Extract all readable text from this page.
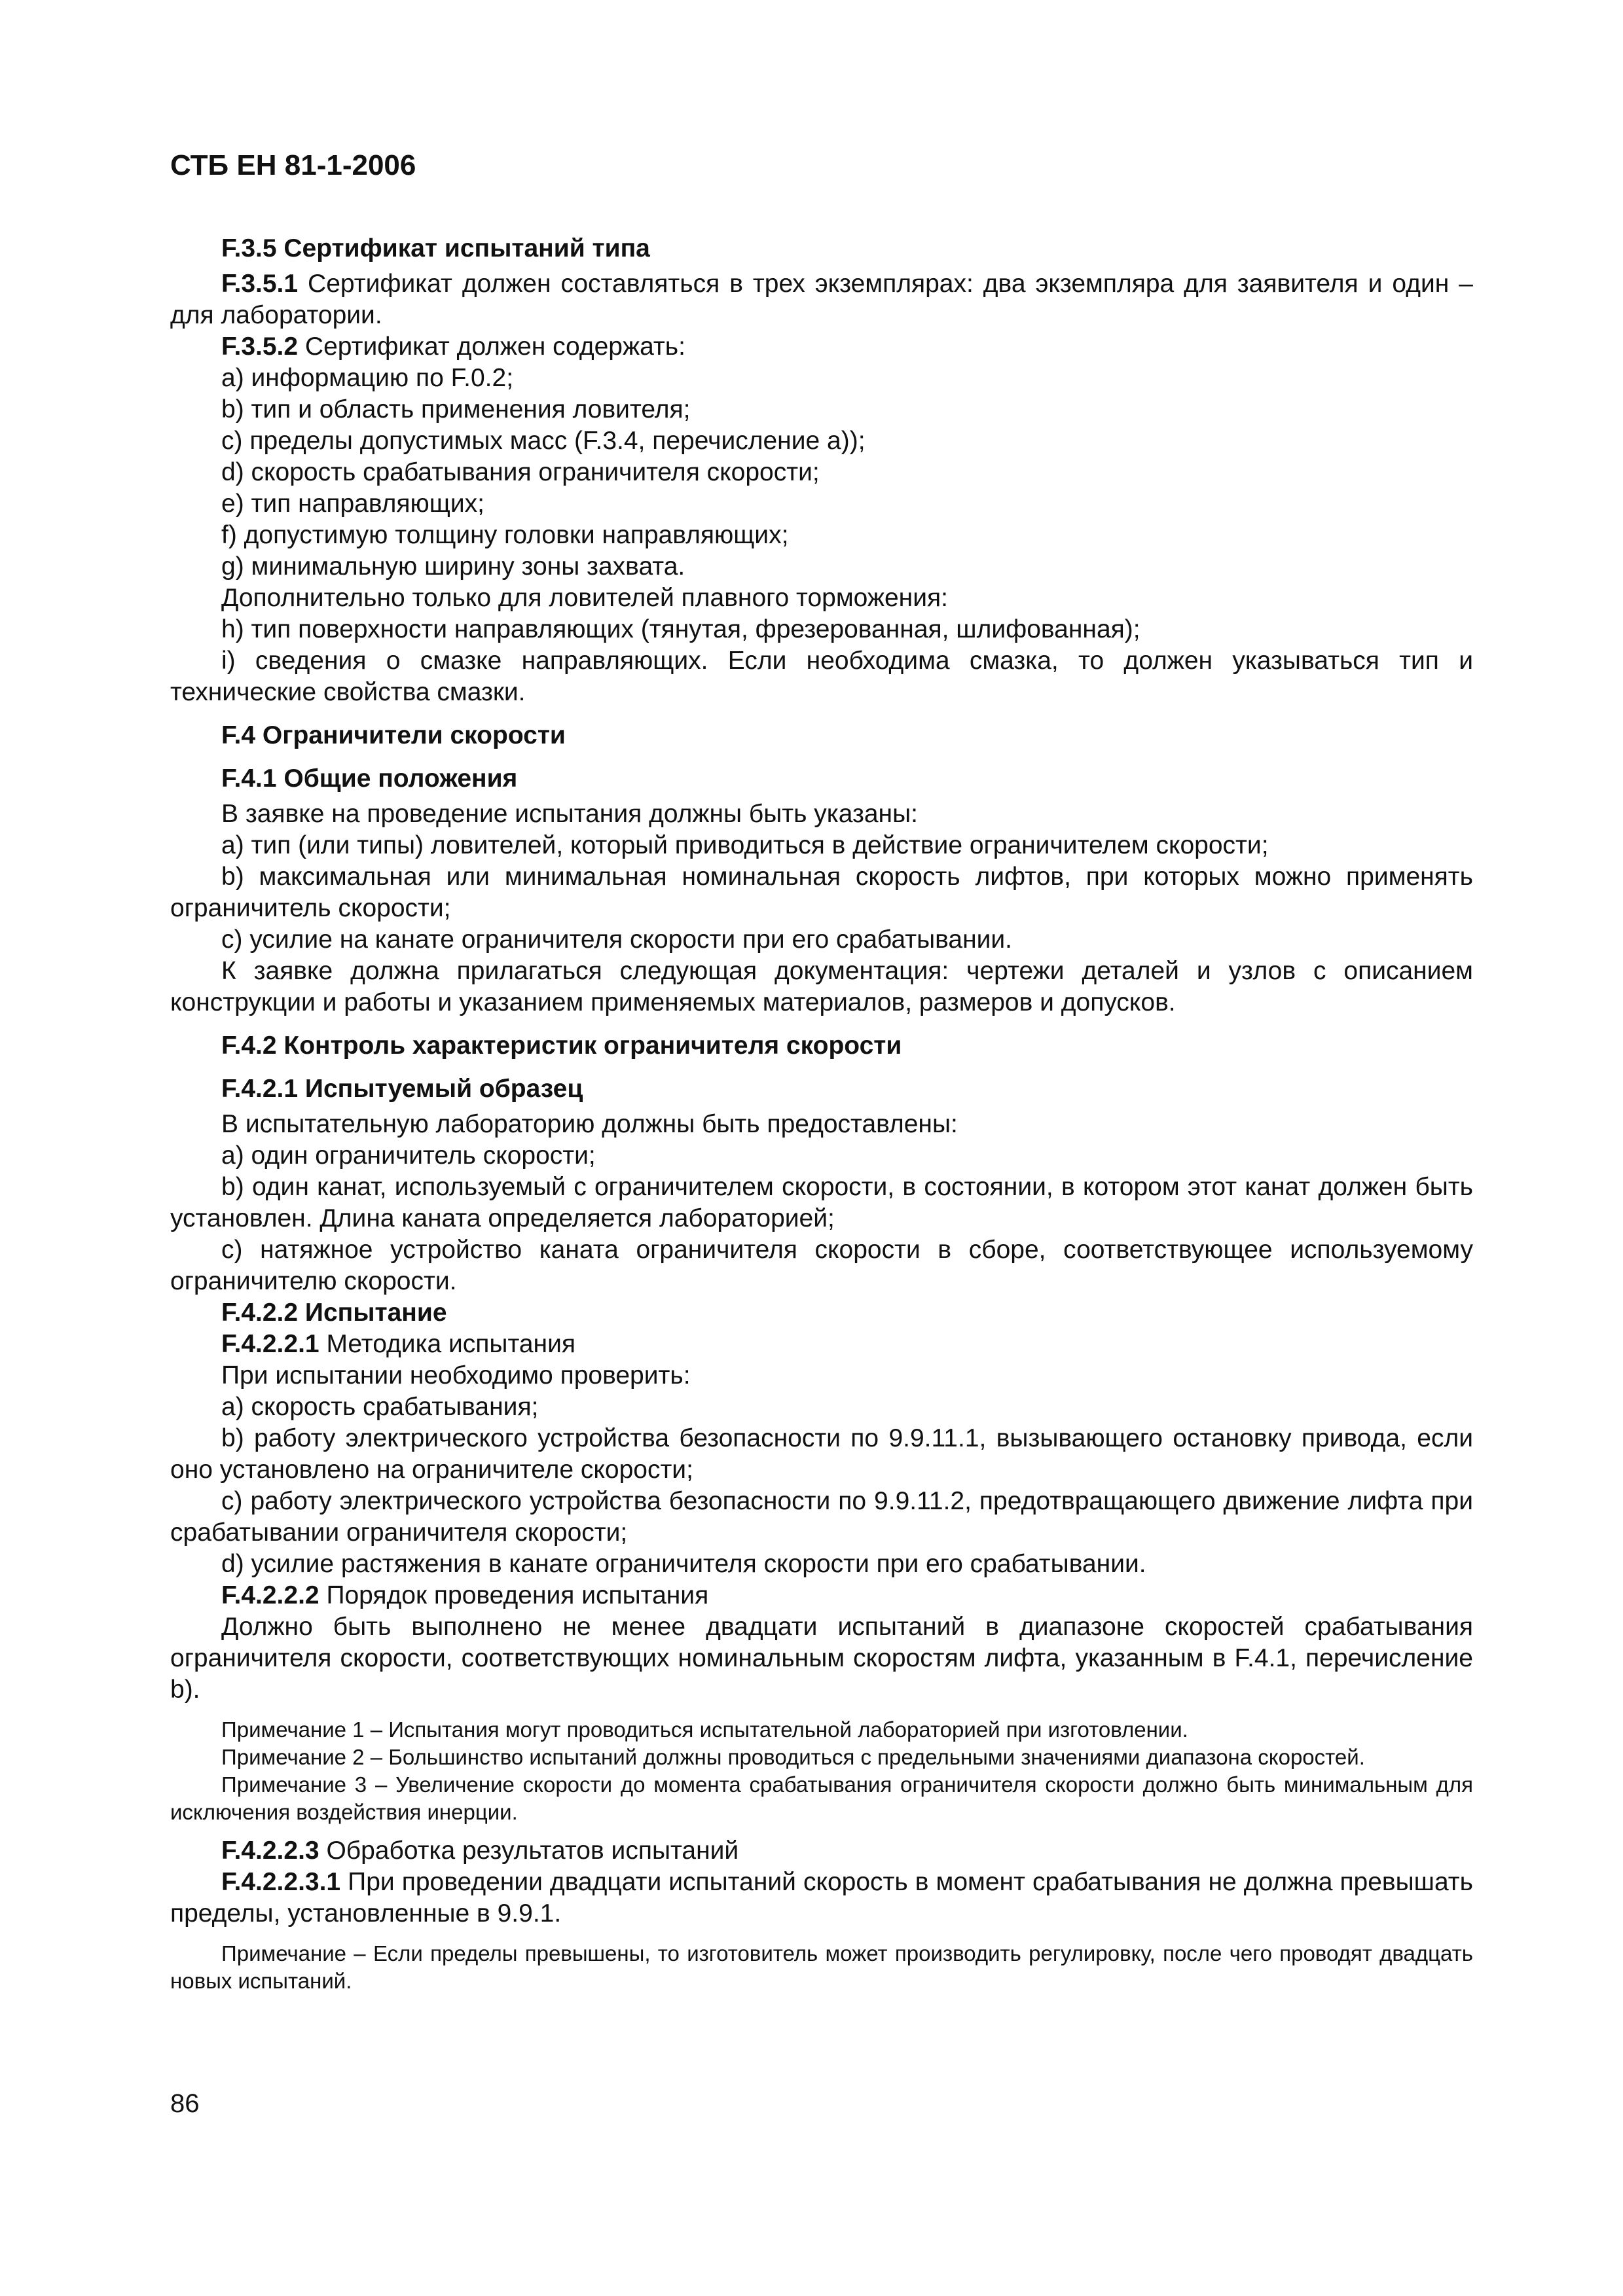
СТБ ЕН 81-1-2006

F.3.5 Сертификат испытаний типа

F.3.5.1 Сертификат должен составляться в трех экземплярах: два экземпляра для заявителя и один – для лаборатории.

F.3.5.2 Сертификат должен содержать:

a) информацию по F.0.2;

b) тип и область применения ловителя;

c) пределы допустимых масс (F.3.4, перечисление a));

d) скорость срабатывания ограничителя скорости;

e) тип направляющих;

f) допустимую толщину головки направляющих;

g) минимальную ширину зоны захвата.

Дополнительно только для ловителей плавного торможения:

h) тип поверхности направляющих (тянутая, фрезерованная, шлифованная);

i) сведения о смазке направляющих. Если необходима смазка, то должен указываться тип и технические свойства смазки.

F.4 Ограничители скорости

F.4.1 Общие положения

В заявке на проведение испытания должны быть указаны:

a) тип (или типы) ловителей, который приводиться в действие ограничителем скорости;

b) максимальная или минимальная номинальная скорость лифтов, при которых можно применять ограничитель скорости;

c) усилие на канате ограничителя скорости при его срабатывании.

К заявке должна прилагаться следующая документация: чертежи деталей и узлов с описанием конструкции и работы и указанием применяемых материалов, размеров и допусков.

F.4.2 Контроль характеристик ограничителя скорости

F.4.2.1 Испытуемый образец

В испытательную лабораторию должны быть предоставлены:

a) один ограничитель скорости;

b) один канат, используемый с ограничителем скорости, в состоянии, в котором этот канат должен быть установлен. Длина каната определяется лабораторией;

c) натяжное устройство каната ограничителя скорости в сборе, соответствующее используемому ограничителю скорости.

F.4.2.2 Испытание

F.4.2.2.1 Методика испытания

При испытании необходимо проверить:

a) скорость срабатывания;

b) работу электрического устройства безопасности по 9.9.11.1, вызывающего остановку привода, если оно установлено на ограничителе скорости;

c) работу электрического устройства безопасности по 9.9.11.2, предотвращающего движение лифта при срабатывании ограничителя скорости;

d) усилие растяжения в канате ограничителя скорости при его срабатывании.

F.4.2.2.2 Порядок проведения испытания

Должно быть выполнено не менее двадцати испытаний в диапазоне скоростей срабатывания ограничителя скорости, соответствующих номинальным скоростям лифта, указанным в F.4.1, перечисление b).

Примечание 1 – Испытания могут проводиться испытательной лабораторией при изготовлении.

Примечание 2 – Большинство испытаний должны проводиться с предельными значениями диапазона скоростей.

Примечание 3 – Увеличение скорости до момента срабатывания ограничителя скорости должно быть минимальным для исключения воздействия инерции.

F.4.2.2.3 Обработка результатов испытаний

F.4.2.2.3.1 При проведении двадцати испытаний скорость в момент срабатывания не должна превышать пределы, установленные в 9.9.1.

Примечание – Если пределы превышены, то изготовитель может производить регулировку, после чего проводят двадцать новых испытаний.

86
